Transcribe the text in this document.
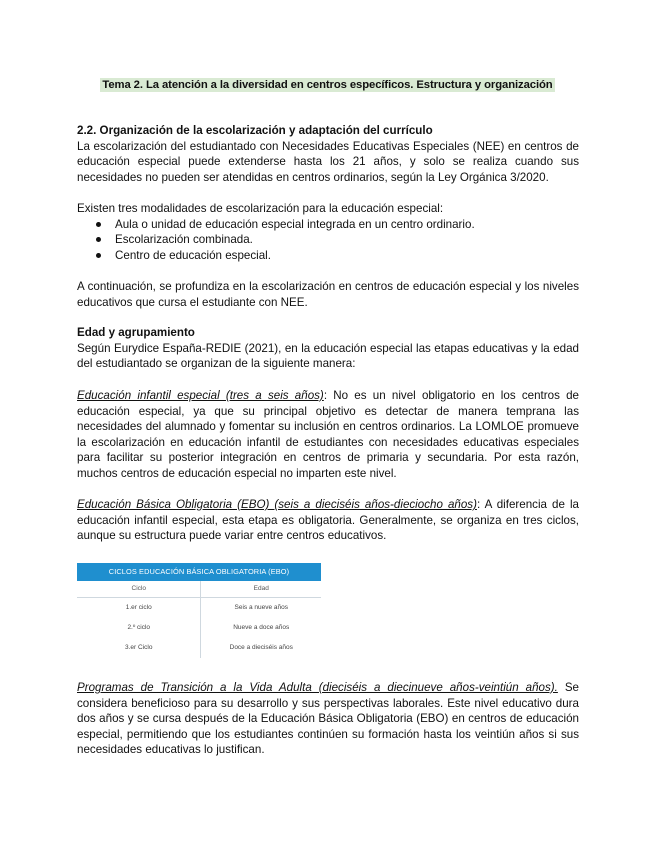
Tema 2. La atención a la diversidad en centros específicos. Estructura y organización

2.2. Organización de la escolarización y adaptación del currículo

La escolarización del estudiantado con Necesidades Educativas Especiales (NEE) en centros de educación especial puede extenderse hasta los 21 años, y solo se realiza cuando sus necesidades no pueden ser atendidas en centros ordinarios, según la Ley Orgánica 3/2020.

Existen tres modalidades de escolarización para la educación especial:

Aula o unidad de educación especial integrada en un centro ordinario.
Escolarización combinada.
Centro de educación especial.

A continuación, se profundiza en la escolarización en centros de educación especial y los niveles educativos que cursa el estudiante con NEE.

Edad y agrupamiento

Según Eurydice España-REDIE (2021), en la educación especial las etapas educativas y la edad del estudiantado se organizan de la siguiente manera:

Educación infantil especial (tres a seis años): No es un nivel obligatorio en los centros de educación especial, ya que su principal objetivo es detectar de manera temprana las necesidades del alumnado y fomentar su inclusión en centros ordinarios. La LOMLOE promueve la escolarización en educación infantil de estudiantes con necesidades educativas especiales para facilitar su posterior integración en centros de primaria y secundaria. Por esta razón, muchos centros de educación especial no imparten este nivel.

Educación Básica Obligatoria (EBO) (seis a dieciséis años-dieciocho años): A diferencia de la educación infantil especial, esta etapa es obligatoria. Generalmente, se organiza en tres ciclos, aunque su estructura puede variar entre centros educativos.

CICLOS EDUCACIÓN BÁSICA OBLIGATORIA (EBO)
Ciclo	Edad
1.er ciclo	Seis a nueve años
2.º ciclo	Nueve a doce años
3.er Ciclo	Doce a dieciséis años

Programas de Transición a la Vida Adulta (dieciséis a diecinueve años-veintiún años). Se considera beneficioso para su desarrollo y sus perspectivas laborales. Este nivel educativo dura dos años y se cursa después de la Educación Básica Obligatoria (EBO) en centros de educación especial, permitiendo que los estudiantes continúen su formación hasta los veintiún años si sus necesidades educativas lo justifican.
